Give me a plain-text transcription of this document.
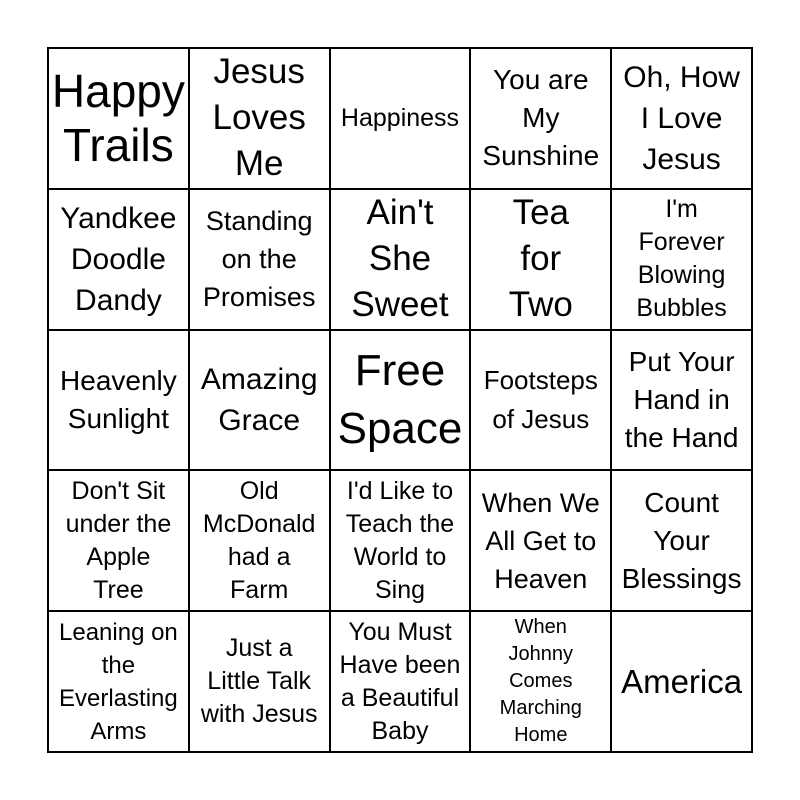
Happy
Trails
Jesus
Loves
Me
Happiness
You are
My
Sunshine
Oh, How
I Love
Jesus
Yandkee
Doodle
Dandy
Standing
on the
Promises
Ain't
She
Sweet
Tea
for
Two
I'm
Forever
Blowing
Bubbles
Heavenly
Sunlight
Amazing
Grace
Free
Space
Footsteps
of Jesus
Put Your
Hand in
the Hand
Don't Sit
under the
Apple
Tree
Old
McDonald
had a
Farm
I'd Like to
Teach the
World to
Sing
When We
All Get to
Heaven
Count
Your
Blessings
Leaning on
the
Everlasting
Arms
Just a
Little Talk
with Jesus
You Must
Have been
a Beautiful
Baby
When
Johnny
Comes
Marching
Home
America
